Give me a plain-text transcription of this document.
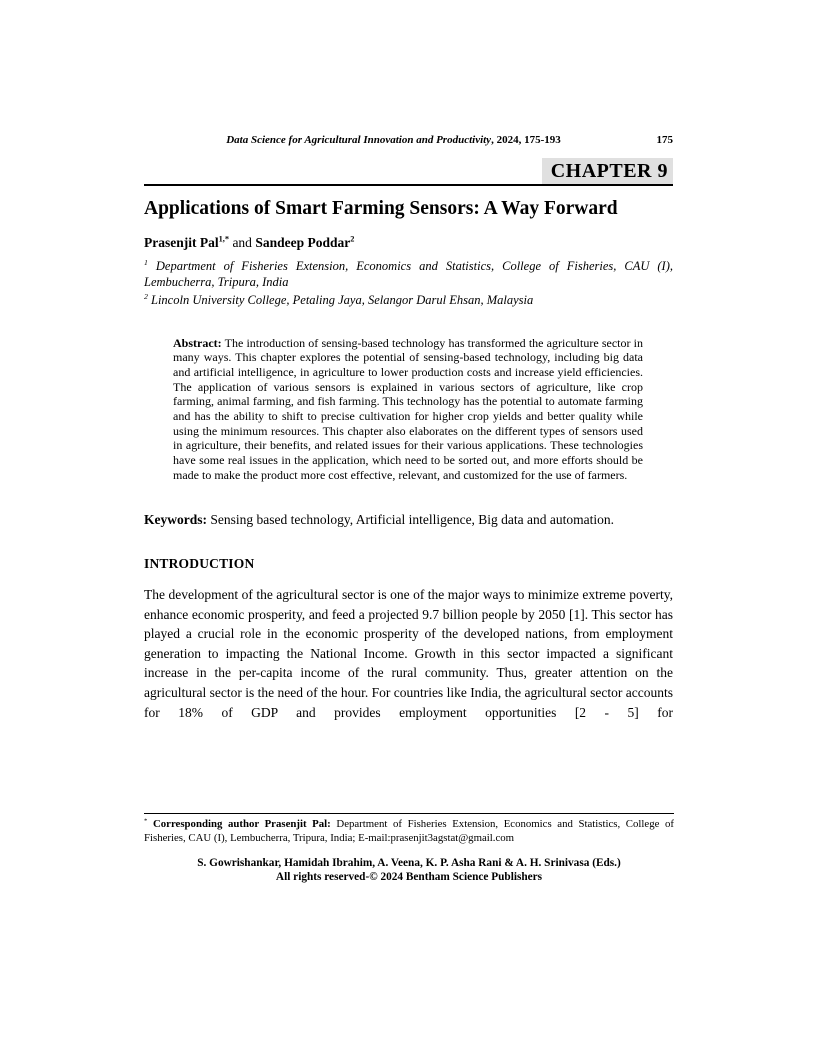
Data Science for Agricultural Innovation and Productivity, 2024, 175-193	175
CHAPTER 9
Applications of Smart Farming Sensors: A Way Forward
Prasenjit Pal$^{1,*}$ and Sandeep Poddar$^2$
$^1$ Department of Fisheries Extension, Economics and Statistics, College of Fisheries, CAU (I), Lembucherra, Tripura, India
$^2$ Lincoln University College, Petaling Jaya, Selangor Darul Ehsan, Malaysia
Abstract: The introduction of sensing-based technology has transformed the agriculture sector in many ways. This chapter explores the potential of sensing-based technology, including big data and artificial intelligence, in agriculture to lower production costs and increase yield efficiencies. The application of various sensors is explained in various sectors of agriculture, like crop farming, animal farming, and fish farming. This technology has the potential to automate farming and has the ability to shift to precise cultivation for higher crop yields and better quality while using the minimum resources. This chapter also elaborates on the different types of sensors used in agriculture, their benefits, and related issues for their various applications. These technologies have some real issues in the application, which need to be sorted out, and more efforts should be made to make the product more cost effective, relevant, and customized for the use of farmers.
Keywords: Sensing based technology, Artificial intelligence, Big data and automation.
INTRODUCTION

The development of the agricultural sector is one of the major ways to minimize extreme poverty, enhance economic prosperity, and feed a projected 9.7 billion people by 2050 [1]. This sector has played a crucial role in the economic prosperity of the developed nations, from employment generation to impacting the National Income. Growth in this sector impacted a significant increase in the per-capita income of the rural community. Thus, greater attention on the agricultural sector is the need of the hour. For countries like India, the agricultural sector accounts for 18% of GDP and provides employment opportunities [2 - 5] for

* Corresponding author Prasenjit Pal: Department of Fisheries Extension, Economics and Statistics, College of Fisheries, CAU (I), Lembucherra, Tripura, India; E-mail:prasenjit3agstat@gmail.com
S. Gowrishankar, Hamidah Ibrahim, A. Veena, K. P. Asha Rani & A. H. Srinivasa (Eds.)
All rights reserved-© 2024 Bentham Science Publishers
